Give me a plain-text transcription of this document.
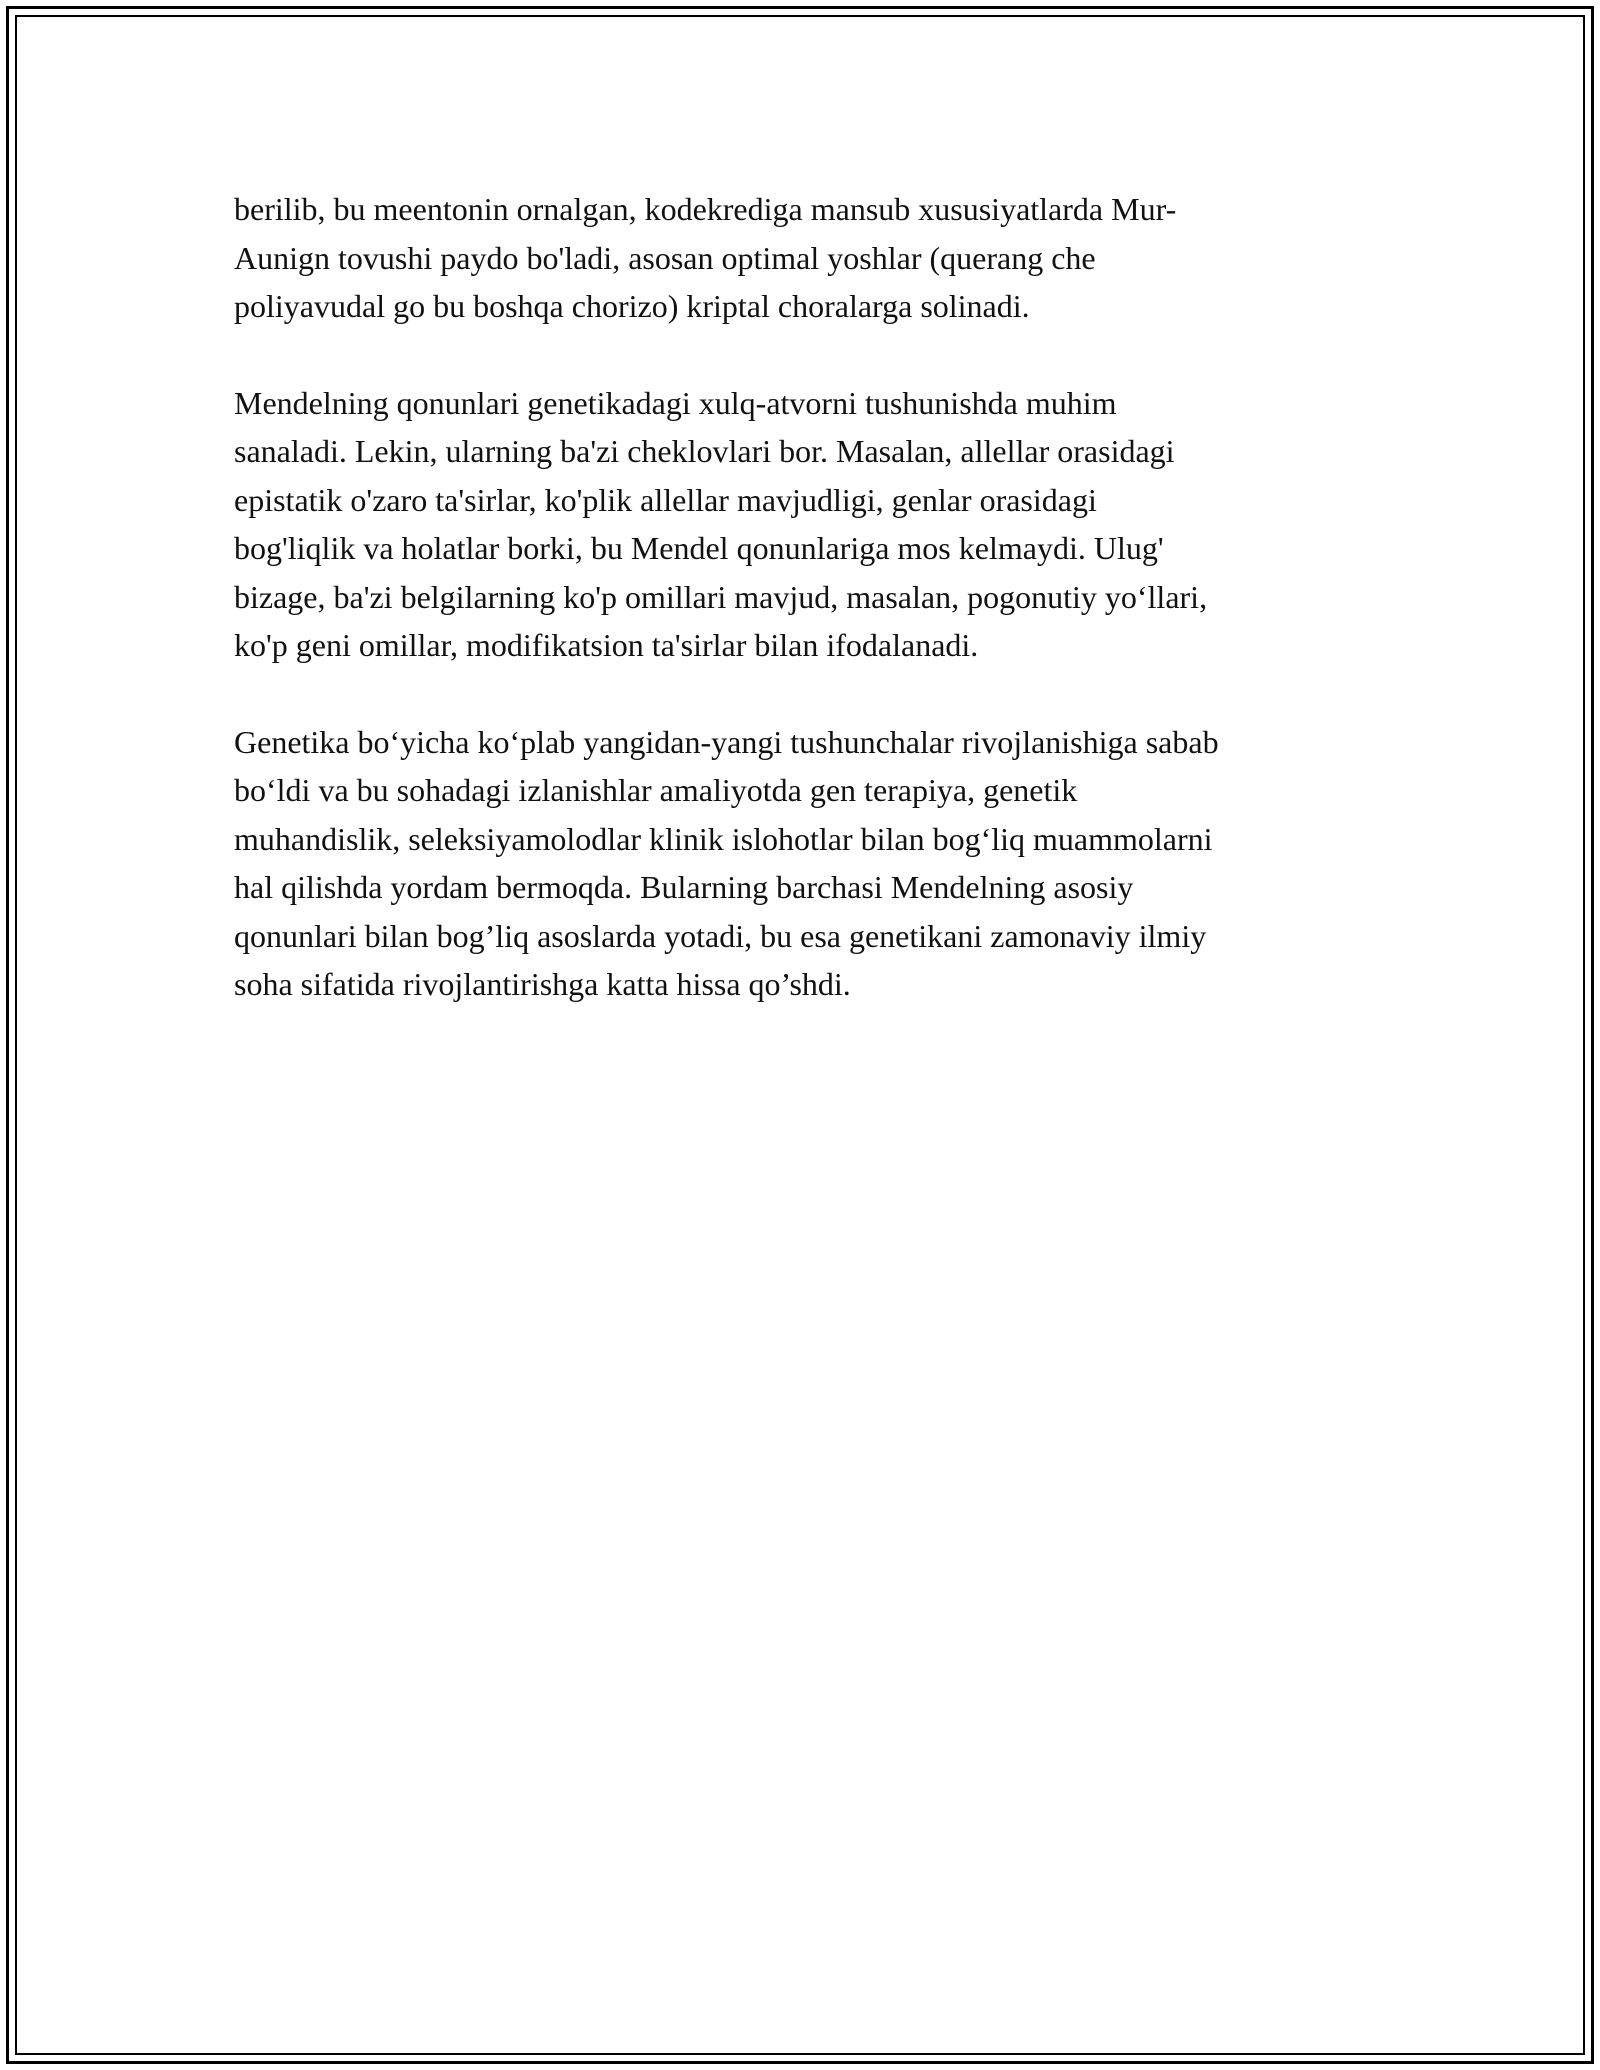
berilib, bu meentonin ornalgan, kodekrediga mansub xususiyatlarda Mur-
Aunign tovushi paydo bo'ladi, asosan optimal yoshlar (querang che
poliyavudal go bu boshqa chorizo) kriptal choralarga solinadi.

Mendelning qonunlari genetikadagi xulq-atvorni tushunishda muhim
sanaladi. Lekin, ularning ba'zi cheklovlari bor. Masalan, allellar orasidagi
epistatik o'zaro ta'sirlar, ko'plik allellar mavjudligi, genlar orasidagi
bog'liqlik va holatlar borki, bu Mendel qonunlariga mos kelmaydi. Ulug'
bizage, ba'zi belgilarning ko'p omillari mavjud, masalan, pogonutiy yo‘llari,
ko'p geni omillar, modifikatsion ta'sirlar bilan ifodalanadi.

Genetika bo‘yicha ko‘plab yangidan-yangi tushunchalar rivojlanishiga sabab
bo‘ldi va bu sohadagi izlanishlar amaliyotda gen terapiya, genetik
muhandislik, seleksiyamolodlar klinik islohotlar bilan bog‘liq muammolarni
hal qilishda yordam bermoqda. Bularning barchasi Mendelning asosiy
qonunlari bilan bog’liq asoslarda yotadi, bu esa genetikani zamonaviy ilmiy
soha sifatida rivojlantirishga katta hissa qo’shdi.
